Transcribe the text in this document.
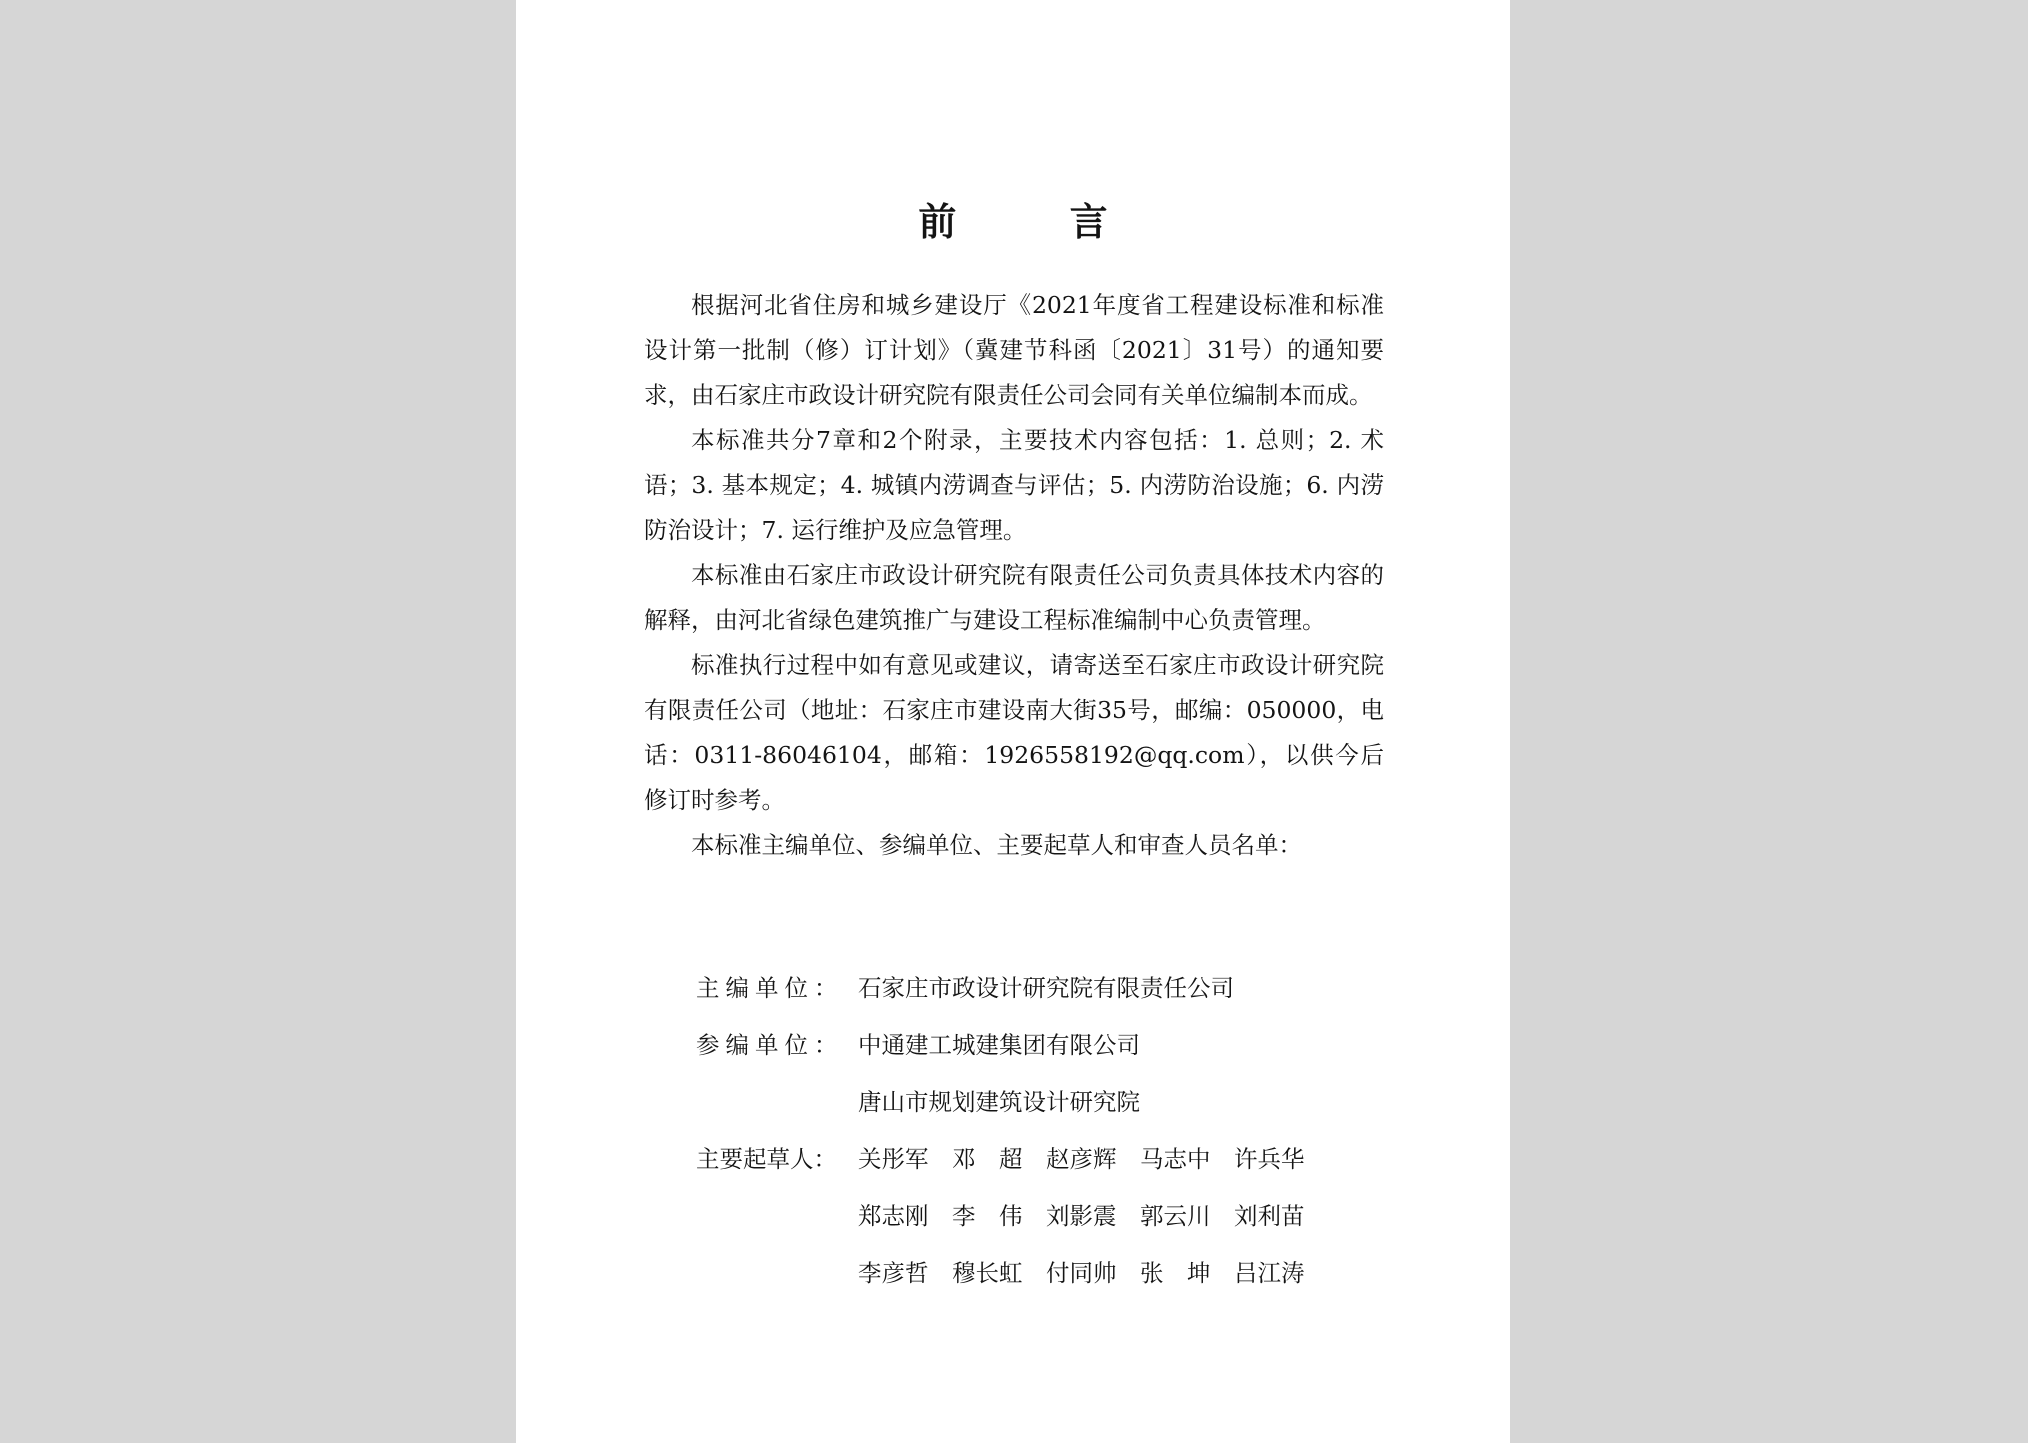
前 言

根据河北省住房和城乡建设厅《2021年度省工程建设标准和标准设计第一批制（修）订计划》（冀建节科函〔2021〕31号）的通知要求，由石家庄市政设计研究院有限责任公司会同有关单位编制本而成。

本标准共分7章和2个附录，主要技术内容包括：1. 总则；2. 术语；3. 基本规定；4. 城镇内涝调查与评估；5. 内涝防治设施；6. 内涝防治设计；7. 运行维护及应急管理。

本标准由石家庄市政设计研究院有限责任公司负责具体技术内容的解释，由河北省绿色建筑推广与建设工程标准编制中心负责管理。

标准执行过程中如有意见或建议，请寄送至石家庄市政设计研究院有限责任公司（地址：石家庄市建设南大街35号，邮编：050000，电话：0311-86046104，邮箱：1926558192@qq.com），以供今后修订时参考。

本标准主编单位、参编单位、主要起草人和审查人员名单：

主编单位： 石家庄市政设计研究院有限责任公司
参编单位： 中通建工城建集团有限公司
唐山市规划建筑设计研究院
主要起草人： 关彤军 邓　超 赵彦辉 马志中 许兵华
郑志刚 李　伟 刘影震 郭云川 刘利苗
李彦哲 穆长虹 付同帅 张　坤 吕江涛
